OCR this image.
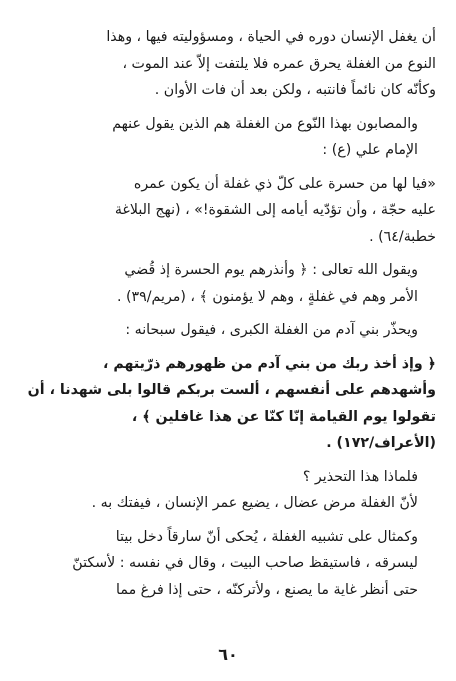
أن يغفل الإنسان دوره في الحياة ، ومسؤوليته فيها ، وهذا
النوع من الغفلة يحرق عمره فلا يلتفت إلاّ عند الموت ،
وكأنّه كان نائماً فانتبه ، ولكن بعد أن فات الأوان .
والمصابون بهذا النّوع من الغفلة هم الذين يقول عنهم
الإمام علي (ع) :
«فيا لها من حسرة على كلّ ذي غفلة أن يكون عمره
عليه حجّة ، وأن تؤدّيه أيامه إلى الشقوة!» ، (نهج البلاغة
خطبة/٦٤) .
ويقول الله تعالى : ﴿ وأنذرهم يوم الحسرة إذ قُضي
الأمر وهم في غفلةٍ ، وهم لا يؤمنون ﴾ ، (مريم/٣٩) .
ويحذّر بني آدم من الغفلة الكبرى ، فيقول سبحانه :
﴿ وإذ أخذ ربك من بني آدم من ظهورهم ذرّيتهم ،
وأشهدهم على أنفسهم ، ألست بربكم قالوا بلى شهدنا ، أن
تقولوا يوم القيامة إنّا كنّا عن هذا غافلين ﴾ ،
(الأعراف/١٧٢) .
فلماذا هذا التحذير ؟
لأنّ الغفلة مرض عضال ، يضيع عمر الإنسان ، فيفتك به .
وكمثال على تشبيه الغفلة ، يُحكى أنّ سارقاً دخل بيتا
ليسرقه ، فاستيقظ صاحب البيت ، وقال في نفسه : لأسكتنّ
حتى أنظر غاية ما يصنع ، ولأتركنّه ، حتى إذا فرغ مما
٦٠
